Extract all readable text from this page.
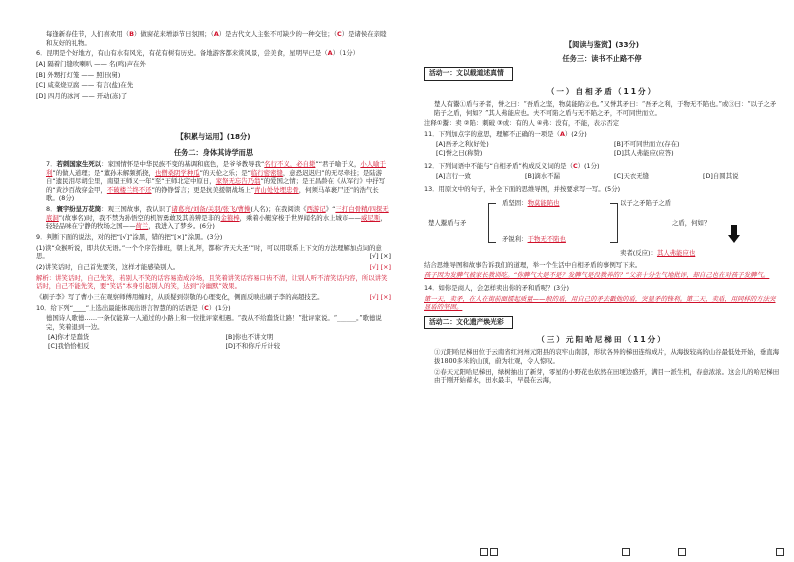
每逢新春佳节，人们喜欢用（B）做窗花来增添节日氛围；（A）是古代文人主张不可缺少的一种交往；（C）是诸侯在亲睦和友好的礼物。
6．昆明是个好地方，有山有水有风光，有花有树有历史。备地游客都来赏风景，尝美食，星明早已是（A）（1分）
[A] 隔着门缝吹喇叭 —— 名(鸣)声在外
[B] 外甥打灯笼 —— 照旧(舅)
[C] 咸菜烧豆腐 —— 有言(盐)在先
[D] 四月的冰河 —— 开动(冻)了
【积累与运用】(18分)
任务二：身体其诗学而思
7．若刺国家生死以：家国情怀是中华民族不变的基调和底色，是爷爷教导我“名行不义，必自毙”“君子喻于义，小人喻于利”的做人道理；是“董孙未解频抓挠，也僧桑阴学种瓜”的天伦之乐；是“临行密密缝，意恐迟迟归”的无尽牵挂；是陆游自“遗民泪尽胡尘里，南望王师又一年”至“王师北定中原日，家祭无忘告乃翁”的爱国之情；是王昌龄在《从军行》中抒写的“黄沙百战穿金甲，不破楼兰终不还”的铮铮誓言；更是抗美援朝战场上“青山处处埋忠骨，何须马革裹尸还”的浩气长歌。(8分)
8．寰宇纷呈万花筒：观三国故事，我认识了诸葛亮/刘备/关羽/张飞/曹操(人名)；在我阅读《西游记》“三打白骨精/四探无底洞”(故事名)时，我不禁为孙悟空的机智勇敢及其善辨是非的金箍棒，乘着小艇穿梭于世界闻名的水上城市——威尼斯，轻轻品味在宁静的牧场之国——荷兰，我进入了梦乡。(6分)
9．判断下面的说法，对的把“[√]”涂黑，错的把“[×]”涂黑。(3分)
(1)读“众猴听说，即共伏无语。”一个个序告排班，朝上礼拜，都称‘齐天大圣’”时，可以用联系上下文的方法理解加点词的意思。	[√] [×]
(2)讲笑话时，自己首先要笑，这样才能感染别人。	[√] [×]
解析：讲笑话时，自己先笑，若别人不笑的话容易造成冷场，且笑着讲笑话容易口齿不清，让别人听不清笑话内容，所以讲笑话时，自己不能先笑，要“笑话”本身引起别人的笑，达到“冷幽默”效果。
《刷子李》写了曹小三在观察师傅用缠时，从质疑到崇敬的心理变化，侧面反映出刷子李的高超技艺。	[√] [×]
10．给下列“____”上选出最能体现出语言智慧的的话语是（C）(1分)
德国诗人歌德……一条仅能算一人通过的小路上和一位批评家相遇。“我从不给蠢货让路！”批评家说。“______。”歌德说完，笑着退到一边。
[A]你才是蠢货	[B]你也不讲文明
[C]我恰恰相反	[D]不和你斤斤计较
【阅读与鉴赏】(33分)
任务三：读书不止路不停
活动一：文以载道述真情
（一）自相矛盾（11分）
楚人有鬻①盾与矛者，誉之曰：“吾盾之坚，物莫能陷②也。”又誉其矛曰：“吾矛之利，于物无不陷也。”或③曰：“以子之矛陷子之盾，何如？”其人弗能应也。夫不可陷之盾与无不陷之矛，不可同世而立。
注释①鬻：卖 ②陷：刺破 ③或：有的人 ④弗：没有，不能，表示否定
11．下列加点字的意思，理解不正确的一项是（A）(2分)
[A]吾矛之利(好处)	[B]不可同世而立(存在)
[C]誉之曰(称赞)	[D]其人弗能应(应答)
12．下列词语中不能与“自相矛盾”构成反义词的是（C）(1分)
[A]言行一致	[B]滴水不漏	[C]天衣无缝	[D]自圆其说
13．用原文中的句子，补全下面的思维导图，并按要求写一写。(5分)
楚人鬻盾与矛
盾坚固：物莫能陷也
矛锐利：于物无不陷也
以子之矛陷子之盾
之盾，何如？
卖者(反应)：其人弗能应也
结合思维导图和故事告诉我们的道理，举一个生活中自相矛盾的事例写下来。
孩子因为发脾气被家长教训吃。“你脾气大是不是？发脾气是没教养的？”父亲十分生气地批评，却自己也在对孩子发脾气。
14．如你是商人，会怎样卖出你的矛和盾呢？(3分)
第一天，卖矛，在人在街前面擂起质量——般的盾，用自己的矛去戳他的盾，突显矛的锋利。第二天，卖盾，用同样的方法突显盾的坚固。
活动二：文化遗产焕光彩
（三）元阳哈尼梯田（11分）
①元阳哈尼梯田位于云南省红河州元阳县的哀牢山南部，形状各异的梯田连绵成片，从海拔较高的山谷最低处开始，垂直海拔1800多米的山顶，蔚为壮观，令人惊叹。
②春天元阳哈尼梯田，绿树抽出了新芽，零星的小野花也依然在田埂边盛开，满目一派生机，春意浓浓。这会儿的哈尼梯田由于刚开始蓄水，田水最丰，早晨在云海，
